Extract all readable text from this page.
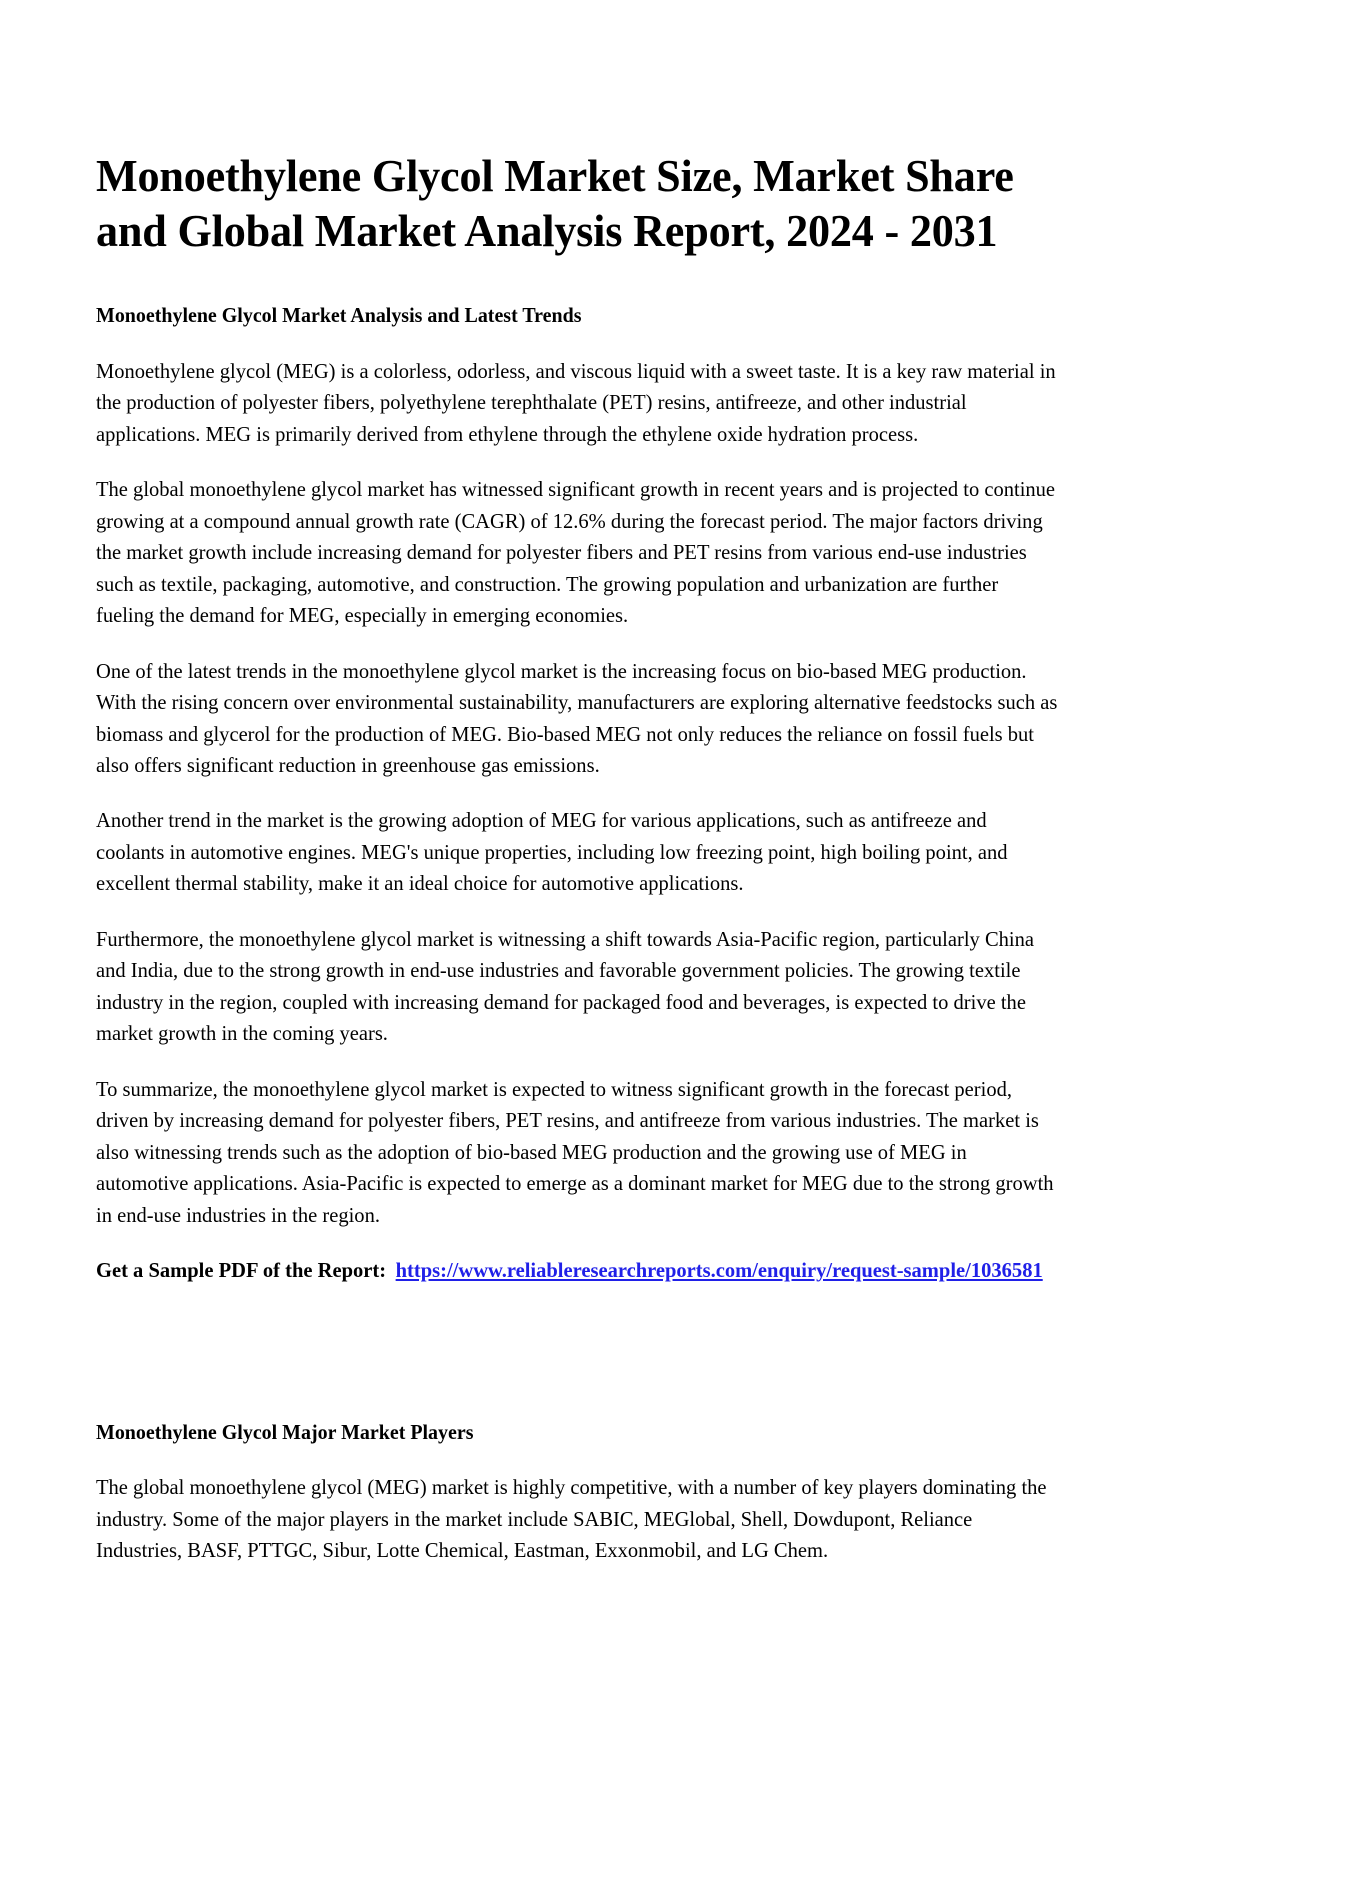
Monoethylene Glycol Market Size, Market Share and Global Market Analysis Report, 2024 - 2031
Monoethylene Glycol Market Analysis and Latest Trends

Monoethylene glycol (MEG) is a colorless, odorless, and viscous liquid with a sweet taste. It is a key raw material in the production of polyester fibers, polyethylene terephthalate (PET) resins, antifreeze, and other industrial applications. MEG is primarily derived from ethylene through the ethylene oxide hydration process.

The global monoethylene glycol market has witnessed significant growth in recent years and is projected to continue growing at a compound annual growth rate (CAGR) of 12.6% during the forecast period. The major factors driving the market growth include increasing demand for polyester fibers and PET resins from various end-use industries such as textile, packaging, automotive, and construction. The growing population and urbanization are further fueling the demand for MEG, especially in emerging economies.

One of the latest trends in the monoethylene glycol market is the increasing focus on bio-based MEG production. With the rising concern over environmental sustainability, manufacturers are exploring alternative feedstocks such as biomass and glycerol for the production of MEG. Bio-based MEG not only reduces the reliance on fossil fuels but also offers significant reduction in greenhouse gas emissions.

Another trend in the market is the growing adoption of MEG for various applications, such as antifreeze and coolants in automotive engines. MEG's unique properties, including low freezing point, high boiling point, and excellent thermal stability, make it an ideal choice for automotive applications.

Furthermore, the monoethylene glycol market is witnessing a shift towards Asia-Pacific region, particularly China and India, due to the strong growth in end-use industries and favorable government policies. The growing textile industry in the region, coupled with increasing demand for packaged food and beverages, is expected to drive the market growth in the coming years.

To summarize, the monoethylene glycol market is expected to witness significant growth in the forecast period, driven by increasing demand for polyester fibers, PET resins, and antifreeze from various industries. The market is also witnessing trends such as the adoption of bio-based MEG production and the growing use of MEG in automotive applications. Asia-Pacific is expected to emerge as a dominant market for MEG due to the strong growth in end-use industries in the region.

Get a Sample PDF of the Report: https://www.reliableresearchreports.com/enquiry/request-sample/1036581
Monoethylene Glycol Major Market Players

The global monoethylene glycol (MEG) market is highly competitive, with a number of key players dominating the industry. Some of the major players in the market include SABIC, MEGlobal, Shell, Dowdupont, Reliance Industries, BASF, PTTGC, Sibur, Lotte Chemical, Eastman, Exxonmobil, and LG Chem.
